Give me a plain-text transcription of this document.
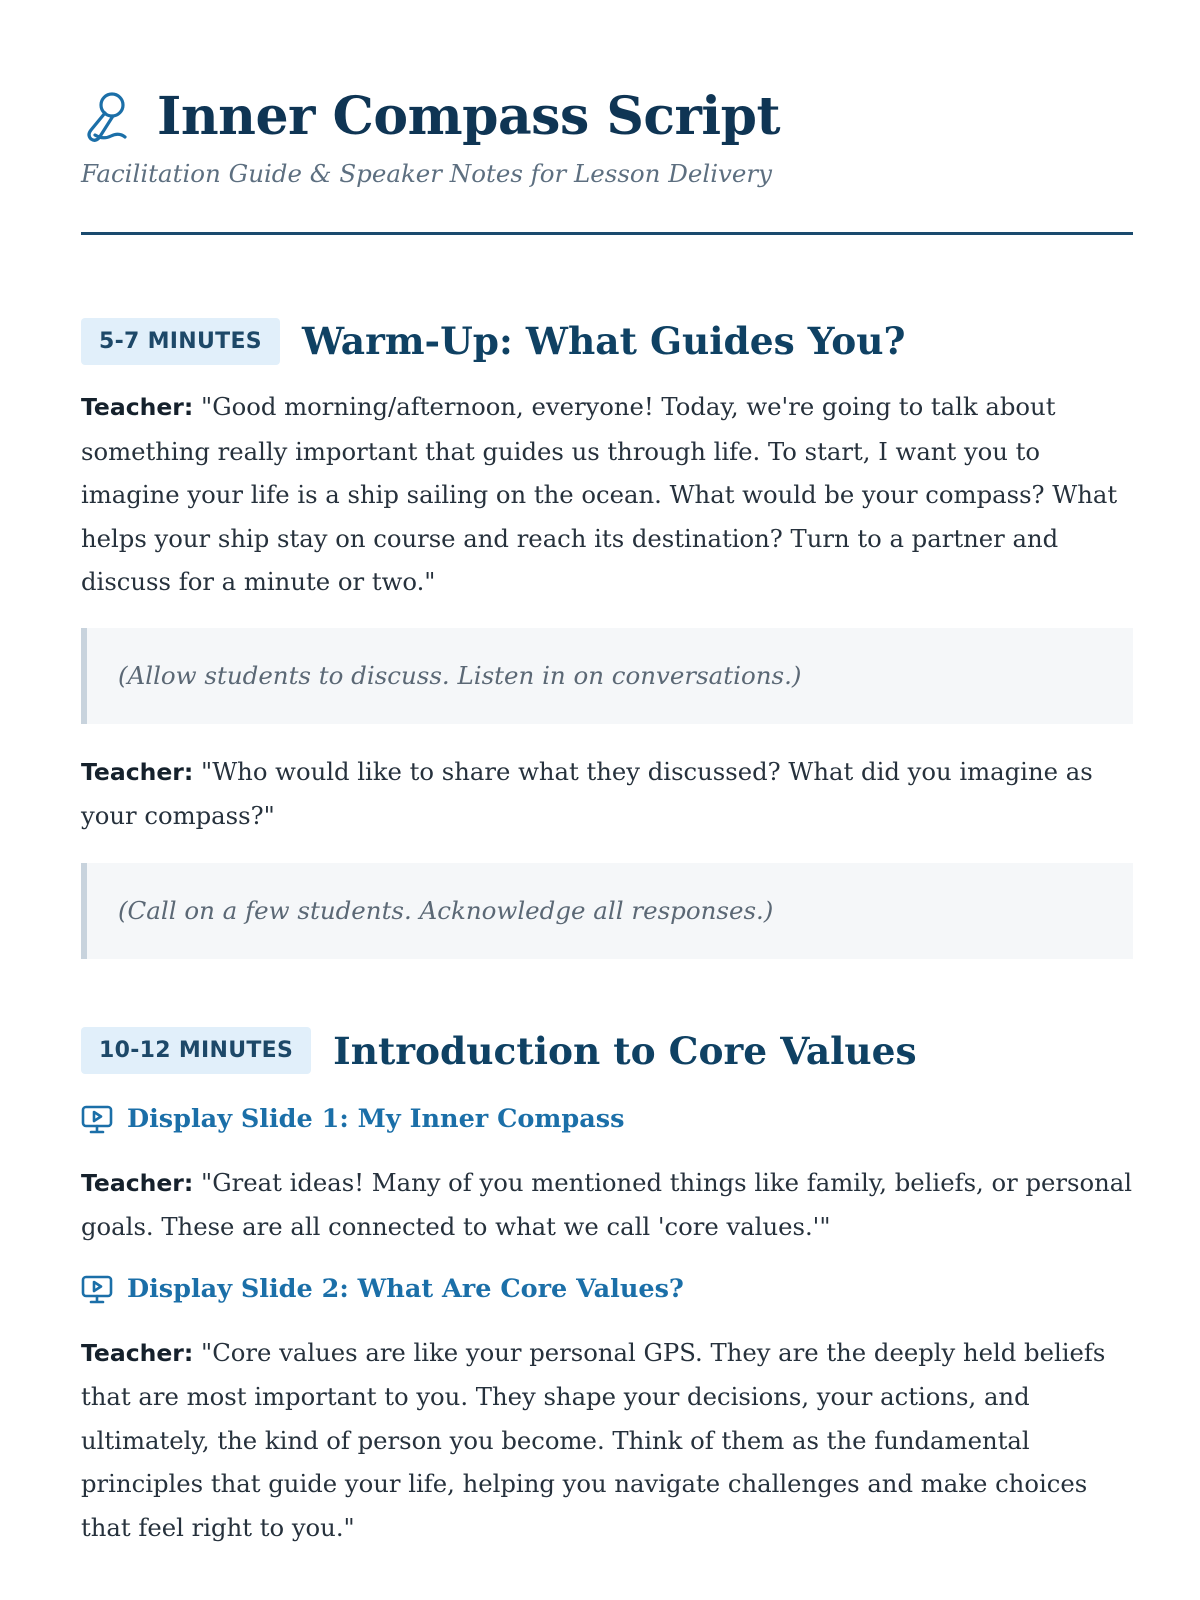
Inner Compass Script
Facilitation Guide & Speaker Notes for Lesson Delivery
5-7 MINUTES	Warm-Up: What Guides You?

Teacher: "Good morning/afternoon, everyone! Today, we're going to talk about something really important that guides us through life. To start, I want you to imagine your life is a ship sailing on the ocean. What would be your compass? What helps your ship stay on course and reach its destination? Turn to a partner and discuss for a minute or two."

(Allow students to discuss. Listen in on conversations.)

Teacher: "Who would like to share what they discussed? What did you imagine as your compass?"

(Call on a few students. Acknowledge all responses.)
10-12 MINUTES	Introduction to Core Values
Display Slide 1: My Inner Compass

Teacher: "Great ideas! Many of you mentioned things like family, beliefs, or personal goals. These are all connected to what we call 'core values.'"

Display Slide 2: What Are Core Values?

Teacher: "Core values are like your personal GPS. They are the deeply held beliefs that are most important to you. They shape your decisions, your actions, and ultimately, the kind of person you become. Think of them as the fundamental principles that guide your life, helping you navigate challenges and make choices that feel right to you."
